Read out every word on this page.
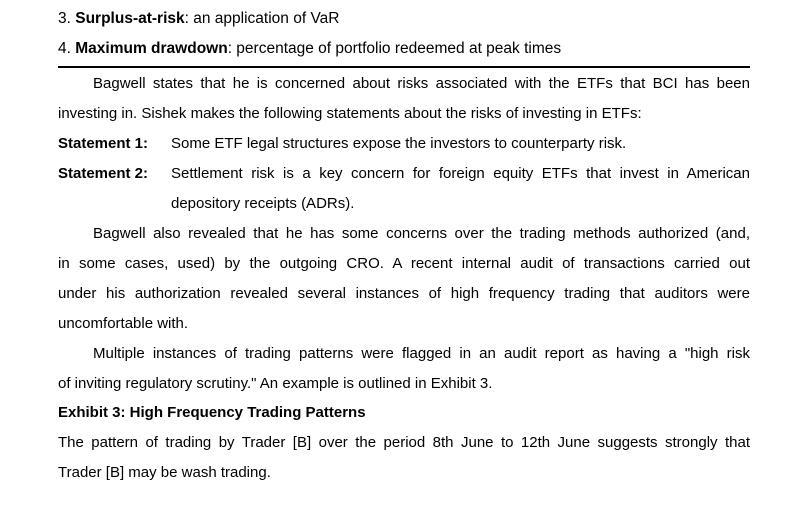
3. Surplus-at-risk: an application of VaR
4. Maximum drawdown: percentage of portfolio redeemed at peak times
Bagwell states that he is concerned about risks associated with the ETFs that BCI has been
investing in. Sishek makes the following statements about the risks of investing in ETFs:
Statement 1: Some ETF legal structures expose the investors to counterparty risk.
Statement 2: Settlement risk is a key concern for foreign equity ETFs that invest in American
depository receipts (ADRs).
Bagwell also revealed that he has some concerns over the trading methods authorized (and,
in some cases, used) by the outgoing CRO. A recent internal audit of transactions carried out
under his authorization revealed several instances of high frequency trading that auditors were
uncomfortable with.
Multiple instances of trading patterns were flagged in an audit report as having a "high risk
of inviting regulatory scrutiny." An example is outlined in Exhibit 3.
Exhibit 3: High Frequency Trading Patterns
The pattern of trading by Trader [B] over the period 8th June to 12th June suggests strongly that
Trader [B] may be wash trading.
